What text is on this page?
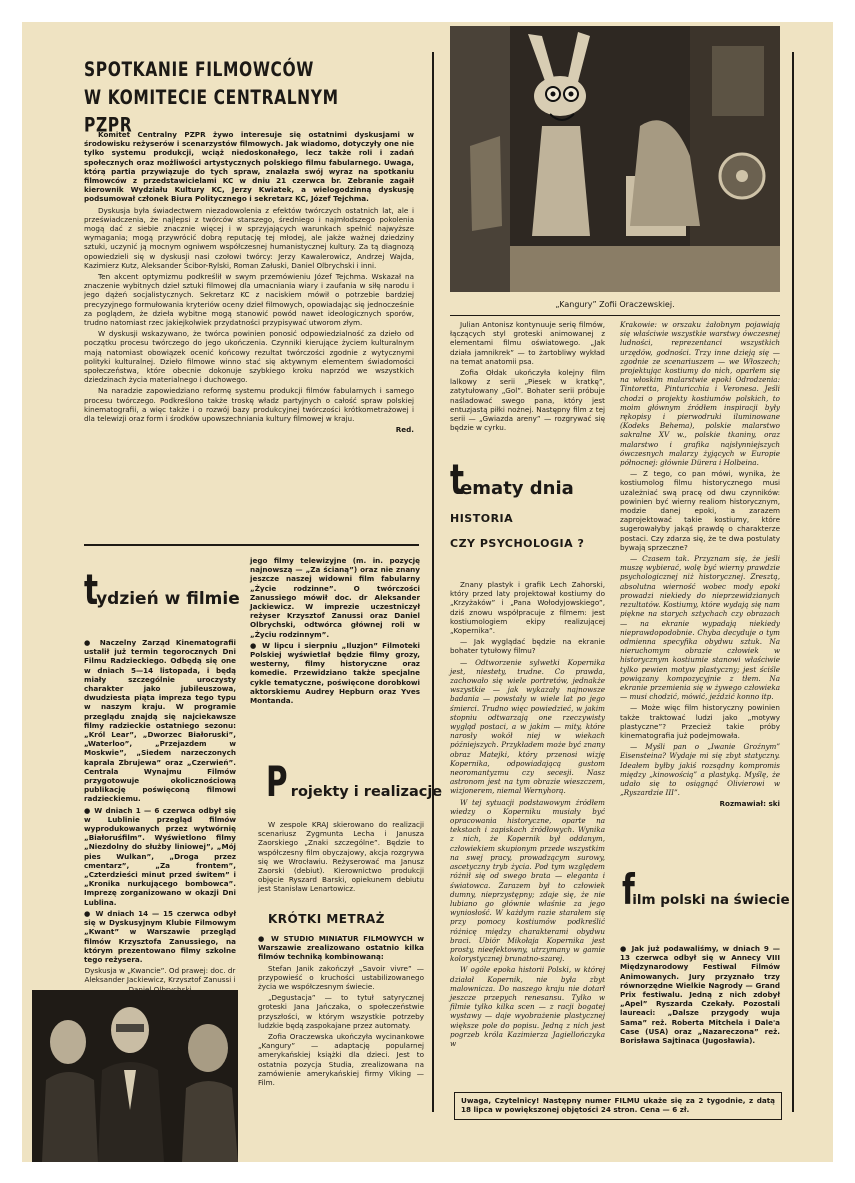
SPOTKANIE FILMOWCÓW

W KOMITECIE CENTRALNYM PZPR

Komitet Centralny PZPR żywo interesuje się ostatnimi dyskusjami w środowisku reżyserów i scenarzystów filmowych. Jak wiadomo, dotyczyły one nie tylko systemu produkcji, wciąż niedoskonałego, lecz także roli i zadań społecznych oraz możliwości artystycznych polskiego filmu fabularnego. Uwaga, którą partia przywiązuje do tych spraw, znalazła swój wyraz na spotkaniu filmowców z przedstawicielami KC w dniu 21 czerwca br. Zebranie zagaił kierownik Wydziału Kultury KC, Jerzy Kwiatek, a wielogodzinną dyskusję podsumował członek Biura Politycznego i sekretarz KC, Józef Tejchma.

Dyskusja była świadectwem niezadowolenia z efektów twórczych ostatnich lat, ale i przeświadczenia, że najlepsi z twórców starszego, średniego i najmłodszego pokolenia mogą dać z siebie znacznie więcej i w sprzyjających warunkach spełnić najwyższe wymagania; mogą przywrócić dobrą reputację tej młodej, ale jakże ważnej dziedziny sztuki, uczynić ją mocnym ogniwem współczesnej humanistycznej kultury. Za tą diagnozą opowiedzieli się w dyskusji nasi czołowi twórcy: Jerzy Kawalerowicz, Andrzej Wajda, Kazimierz Kutz, Aleksander Ścibor-Rylski, Roman Załuski, Daniel Olbrychski i inni.

Ten akcent optymizmu podkreślił w swym przemówieniu Józef Tejchma. Wskazał na znaczenie wybitnych dzieł sztuki filmowej dla umacniania wiary i zaufania w siłę narodu i jego dążeń socjalistycznych. Sekretarz KC z naciskiem mówił o potrzebie bardziej precyzyjnego formułowania kryteriów oceny dzieł filmowych, opowiadając się jednocześnie za poglądem, że dzieła wybitne mogą stanowić powód nawet ideologicznych sporów, trudno natomiast rzec jakiejkolwiek przydatności przypisywać utworom złym.

W dyskusji wskazywano, że twórca powinien ponosić odpowiedzialność za dzieło od początku procesu twórczego do jego ukończenia. Czynniki kierujące życiem kulturalnym mają natomiast obowiązek ocenić końcowy rezultat twórczości zgodnie z wytycznymi polityki kulturalnej. Dzieło filmowe winno stać się aktywnym elementem świadomości społeczeństwa, które obecnie dokonuje szybkiego kroku naprzód we wszystkich dziedzinach życia materialnego i duchowego.

Na naradzie zapowiedziano reformę systemu produkcji filmów fabularnych i samego procesu twórczego. Podkreślono także troskę władz partyjnych o całość spraw polskiej kinematografii, a więc także i o rozwój bazy produkcyjnej twórczości krótkometrażowej i dla telewizji oraz form i środków upowszechniania kultury filmowej w kraju.

Red.

„Kangury” Zofii Oraczewskiej.

Julian Antonisz kontynuuje serię filmów, łączących styl groteski animowanej z elementami filmu oświatowego. „Jak działa jamnikrek” — to żartobliwy wykład na temat anatomii psa.

Zofia Ołdak ukończyła kolejny film lalkowy z serii „Piesek w kratkę”, zatytułowany „Gol”. Bohater serii próbuje naśladować swego pana, który jest entuzjastą piłki nożnej. Następny film z tej serii — „Gwiazda areny” — rozgrywać się będzie w cyrku.

tematy dnia
HISTORIA
CZY PSYCHOLOGIA ?

Znany plastyk i grafik Lech Zahorski, który przed laty projektował kostiumy do „Krzyżaków” i „Pana Wołodyjowskiego”, dziś znowu współpracuje z filmem: jest kostiumologiem ekipy realizującej „Kopernika”.

— Jak wyglądać będzie na ekranie bohater tytułowy filmu?

— Odtworzenie sylwetki Kopernika jest, niestety, trudne. Co prawda, zachowało się wiele portretów, jednakże wszystkie — jak wykazały najnowsze badania — powstały w wiele lat po jego śmierci. Trudno więc powiedzieć, w jakim stopniu odtwarzają one rzeczywisty wygląd postaci, a w jakim — mity, które narosły wokół niej w wiekach późniejszych. Przykładem może być znany obraz Matejki, który przenosi wizję Kopernika, odpowiadającą gustom neoromantyzmu czy secesji. Nasz astronom jest na tym obrazie wieszczem, wizjonerem, niemal Wernyhorą.

W tej sytuacji podstawowym źródłem wiedzy o Koperniku musiały być opracowania historyczne, oparte na tekstach i zapiskach źródłowych. Wynika z nich, że Kopernik był oddanym, człowiekiem skupionym przede wszystkim na swej pracy, prowadzącym surowy, ascetyczny tryb życia. Pod tym względem różnił się od swego brata — eleganta i światowca. Zarazem był to człowiek dumny, nieprzystępny; zdaje się, że nie lubiano go głównie właśnie za jego wyniosłość. W każdym razie starałem się przy pomocy kostiumów podkreślić różnicę między charakterami obydwu braci. Ubiór Mikołaja Kopernika jest prosty, nieefektowny, utrzymany w gamie kolorystycznej brunatno-szarej.

W ogóle epoka historii Polski, w której działał Kopernik, nie była zbyt malownicza. Do naszego kraju nie dotarł jeszcze przepych renesansu. Tylko w filmie tylko kilka scen — z racji bogatej wystawy — daje wyobrażenie plastycznej większe pole do popisu. Jedną z nich jest pogrzeb króla Kazimierza Jagiellończyka w

Krakowie: w orszaku żałobnym pojawiają się właściwie wszystkie warstwy ówczesnej ludności, reprezentanci wszystkich urzędów, godności. Trzy inne dzieją się — zgodnie ze scenariuszem — we Włoszech; projektując kostiumy do nich, oparłem się na włoskim malarstwie epoki Odrodzenia: Tintoretta, Pinturicchia i Veronesa. Jeśli chodzi o projekty kostiumów polskich, to moim głównym źródłem inspiracji były rękopisy i pierwodruki iluminowane (Kodeks Behema), polskie malarstwo sakralne XV w., polskie tkaniny, oraz malarstwo i grafika najsłynniejszych ówczesnych malarzy żyjących w Europie północnej: głównie Dürera i Holbeina.

— Z tego, co pan mówi, wynika, że kostiumolog filmu historycznego musi uzależniać swą pracę od dwu czynników: powinien być wierny realiom historycznym, modzie danej epoki, a zarazem zaprojektować takie kostiumy, które sugerowałyby jakąś prawdę o charakterze postaci. Czy zdarza się, że te dwa postulaty bywają sprzeczne?

— Czasem tak. Przyznam się, że jeśli muszę wybierać, wolę być wierny prawdzie psychologicznej niż historycznej. Zresztą, absolutna wierność wobec mody epoki prowadzi niekiedy do nieprzewidzianych rezultatów. Kostiumy, które wydają się nam piękne na starych sztychach czy obrazach — na ekranie wypadają niekiedy nieprawdopodobnie. Chyba decyduje o tym odmienna specyfika obydwu sztuk. Na nieruchomym obrazie człowiek w historycznym kostiumie stanowi właściwie tylko pewien motyw plastyczny; jest ściśle powiązany kompozycyjnie z tłem. Na ekranie przemienia się w żywego człowieka — musi chodzić, mówić, jeździć konno itp.

— Może więc film historyczny powinien także traktować ludzi jako „motywy plastyczne”? Przecież takie próby kinematografia już podejmowała.

— Myśli pan o „Iwanie Groźnym” Eisensteina? Wydaje mi się zbyt statyczny. Ideałem byłby jakiś rozsądny kompromis między „kinowością” a plastyką. Myślę, że udało się to osiągnąć Olivierowi w „Ryszardzie III”.

Rozmawiał: ski

film polski na świecie

● Jak już podawaliśmy, w dniach 9 — 13 czerwca odbył się w Annecy VIII Międzynarodowy Festiwal Filmów Animowanych. Jury przyznało trzy równorzędne Wielkie Nagrody — Grand Prix festiwalu. Jedną z nich zdobył „Apel” Ryszarda Czekały. Pozostali laureaci: „Dalsze przygody wuja Sama” reż. Roberta Mitchela i Dale'a Case (USA) oraz „Nazareczona” reż. Borisława Sajtinaca (Jugosławia).

Uwaga, Czytelnicy! Następny numer FILMU ukaże się za 2 tygodnie, z datą 18 lipca w powiększonej objętości 24 stron. Cena — 6 zł.

tydzień w filmie

● Naczelny Zarząd Kinematografii ustalił już termin tegorocznych Dni Filmu Radzieckiego. Odbędą się one w dniach 5—14 listopada, i będą miały szczególnie uroczysty charakter jako jubileuszowa, dwudziesta piąta impreza tego typu w naszym kraju. W programie przeglądu znajdą się najciekawsze filmy radzieckie ostatniego sezonu: „Król Lear”, „Dworzec Białoruski”, „Waterloo”, „Przejazdem w Moskwie”, „Siedem narzeczonych kaprala Zbrujewa” oraz „Czerwień”. Centrala Wynajmu Filmów przygotowuje okolicznościową publikację poświęconą filmowi radzieckiemu.

● W dniach 1 — 6 czerwca odbył się w Lublinie przegląd filmów wyprodukowanych przez wytwórnię „Białoruśfilm”. Wyświetlono filmy „Niezdolny do służby liniowej”, „Mój pies Wulkan”, „Droga przez cmentarz”, „Za frontem”, „Czterdzieści minut przed świtem” i „Kronika nurkującego bombowca”. Imprezę zorganizowano w okazji Dni Lublina.

● W dniach 14 — 15 czerwca odbył się w Dyskusyjnym Klubie Filmowym „Kwant” w Warszawie przegląd filmów Krzysztofa Zanussiego, na którym prezentowano filmy szkolne tego reżysera.

Dyskusja w „Kwancie”. Od prawej: doc. dr Aleksander Jackiewicz, Krzysztof Zanussi i

jego filmy telewizyjne (m. in. pozycję najnowszą — „Za ścianą”) oraz nie znany jeszcze naszej widowni film fabularny „Życie rodzinne”. O twórczości Zanussiego mówił doc. dr Aleksander Jackiewicz. W imprezie uczestniczył reżyser Krzysztof Zanussi oraz Daniel Olbrychski, odtwórca głównej roli w „Życiu rodzinnym”.

● W lipcu i sierpniu „Iluzjon” Filmoteki Polskiej wyświetlał będzie filmy grozy, westerny, filmy historyczne oraz komedie. Przewidziano także specjalne cykle tematyczne, poświęcone dorobkowi aktorskiemu Audrey Hepburn oraz Yves Montanda.

Projekty i realizacje

W zespole KRAJ skierowano do realizacji scenariusz Zygmunta Lecha i Janusza Zaorskiego „Znaki szczególne”. Będzie to współczesny film obyczajowy, akcja rozgrywa się we Wrocławiu. Reżyserować ma Janusz Zaorski (debiut). Kierownictwo produkcji objęcie Ryszard Barski, opiekunem debiutu jest Stanisław Lenartowicz.

KRÓTKI METRAŻ

● W STUDIO MINIATUR FILMOWYCH w Warszawie zrealizowano ostatnio kilka filmów techniką kombinowaną:

Stefan Janik zakończył „Savoir vivre” — przypowieść o kruchości ustabilizowanego życia we współczesnym świecie.

„Degustacja” — to tytuł satyrycznej groteski Jana Jańczaka, o społeczeństwie przyszłości, w którym wszystkie potrzeby ludzkie będą zaspokajane przez automaty.

Zofia Oraczewska ukończyła wycinankowe „Kangury” — adaptację popularnej amerykańskiej książki dla dzieci. Jest to ostatnia pozycja Studia, zrealizowana na zamówienie amerykańskiej firmy Viking — Film.
